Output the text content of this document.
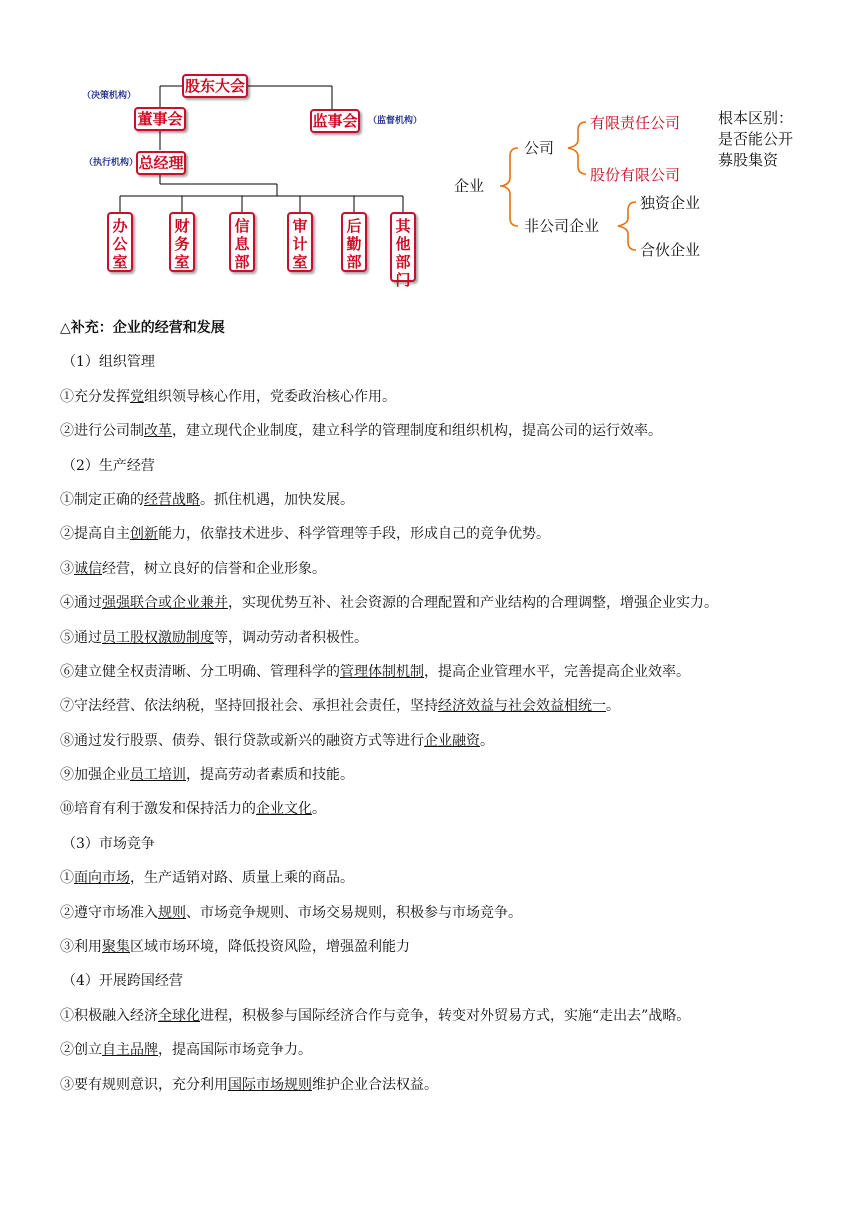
股东大会
董事会	监事会
总经理
（决策机构）
（监督机构）
（执行机构）
办公室
财务室
信息部
审计室
后勤部
其他部门
企业
公司
有限责任公司
股份有限公司
根本区别：
是否能公开
募股集资
非公司企业
独资企业
合伙企业
△补充：企业的经营和发展
（1）组织管理
①充分发挥党组织领导核心作用，党委政治核心作用。
②进行公司制改革，建立现代企业制度，建立科学的管理制度和组织机构，提高公司的运行效率。
（2）生产经营
①制定正确的经营战略。抓住机遇，加快发展。
②提高自主创新能力，依靠技术进步、科学管理等手段，形成自己的竞争优势。
③诚信经营，树立良好的信誉和企业形象。
④通过强强联合或企业兼并，实现优势互补、社会资源的合理配置和产业结构的合理调整，增强企业实力。
⑤通过员工股权激励制度等，调动劳动者积极性。
⑥建立健全权责清晰、分工明确、管理科学的管理体制机制，提高企业管理水平，完善提高企业效率。
⑦守法经营、依法纳税，坚持回报社会、承担社会责任，坚持经济效益与社会效益相统一。
⑧通过发行股票、债券、银行贷款或新兴的融资方式等进行企业融资。
⑨加强企业员工培训，提高劳动者素质和技能。
⑩培育有利于激发和保持活力的企业文化。
（3）市场竞争
①面向市场，生产适销对路、质量上乘的商品。
②遵守市场准入规则、市场竞争规则、市场交易规则，积极参与市场竞争。
③利用聚集区域市场环境，降低投资风险，增强盈利能力
（4）开展跨国经营
①积极融入经济全球化进程，积极参与国际经济合作与竞争，转变对外贸易方式，实施“走出去”战略。
②创立自主品牌，提高国际市场竞争力。
③要有规则意识，充分利用国际市场规则维护企业合法权益。
